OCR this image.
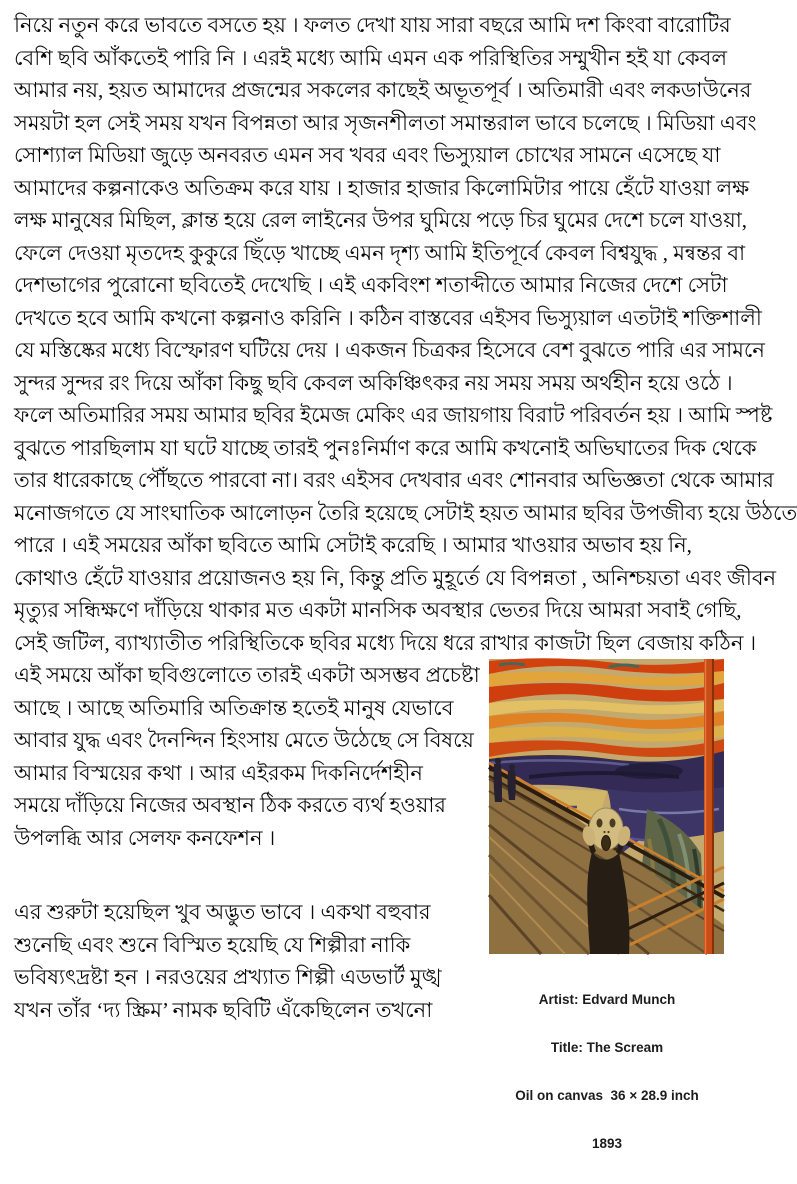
নিয়ে নতুন করে ভাবতে বসতে হয় । ফলত দেখা যায় সারা বছরে আমি দশ কিংবা বারোটির
বেশি ছবি আঁকতেই পারি নি । এরই মধ্যে আমি এমন এক পরিস্থিতির সম্মুখীন হই যা কেবল
আমার নয়, হয়ত আমাদের প্রজন্মের সকলের কাছেই অভূতপূর্ব । অতিমারী এবং লকডাউনের
সময়টা হল সেই সময় যখন বিপন্নতা আর সৃজনশীলতা সমান্তরাল ভাবে চলেছে । মিডিয়া এবং
সোশ্যাল মিডিয়া জুড়ে অনবরত এমন সব খবর এবং ভিস্যুয়াল চোখের সামনে এসেছে যা
আমাদের কল্পনাকেও অতিক্রম করে যায় । হাজার হাজার কিলোমিটার পায়ে হেঁটে যাওয়া লক্ষ
লক্ষ মানুষের মিছিল, ক্লান্ত হয়ে রেল লাইনের উপর ঘুমিয়ে পড়ে চির ঘুমের দেশে চলে যাওয়া,
ফেলে দেওয়া মৃতদেহ কুকুরে ছিঁড়ে খাচ্ছে এমন দৃশ্য আমি ইতিপূর্বে কেবল বিশ্বযুদ্ধ , মন্বন্তর বা
দেশভাগের পুরোনো ছবিতেই দেখেছি । এই একবিংশ শতাব্দীতে আমার নিজের দেশে সেটা
দেখতে হবে আমি কখনো কল্পনাও করিনি । কঠিন বাস্তবের এইসব ভিস্যুয়াল এতটাই শক্তিশালী
যে মস্তিষ্কের মধ্যে বিস্ফোরণ ঘটিয়ে দেয় । একজন চিত্রকর হিসেবে বেশ বুঝতে পারি এর সামনে
সুন্দর সুন্দর রং দিয়ে আঁকা কিছু ছবি কেবল অকিঞ্চিৎকর নয় সময় সময় অর্থহীন হয়ে ওঠে ।
ফলে অতিমারির সময় আমার ছবির ইমেজ মেকিং এর জায়গায় বিরাট পরিবর্তন হয় । আমি স্পষ্ট
বুঝতে পারছিলাম যা ঘটে যাচ্ছে তারই পুনঃনির্মাণ করে আমি কখনোই অভিঘাতের দিক থেকে
তার ধারেকাছে পৌঁছতে পারবো না। বরং এইসব দেখবার এবং শোনবার অভিজ্ঞতা থেকে আমার
মনোজগতে যে সাংঘাতিক আলোড়ন তৈরি হয়েছে সেটাই হয়ত আমার ছবির উপজীব্য হয়ে উঠতে
পারে । এই সময়ের আঁকা ছবিতে আমি সেটাই করেছি । আমার খাওয়ার অভাব হয় নি,
কোথাও হেঁটে যাওয়ার প্রয়োজনও হয় নি, কিন্তু প্রতি মুহূর্তে যে বিপন্নতা , অনিশ্চয়তা এবং জীবন
মৃত্যুর সন্ধিক্ষণে দাঁড়িয়ে থাকার মত একটা মানসিক অবস্থার ভেতর দিয়ে আমরা সবাই গেছি,
সেই জটিল, ব্যাখ্যাতীত পরিস্থিতিকে ছবির মধ্যে দিয়ে ধরে রাখার কাজটা ছিল বেজায় কঠিন ।
এই সময়ে আঁকা ছবিগুলোতে তারই একটা অসম্ভব প্রচেষ্টা
আছে । আছে অতিমারি অতিক্রান্ত হতেই মানুষ যেভাবে
আবার যুদ্ধ এবং দৈনন্দিন হিংসায় মেতে উঠেছে সে বিষয়ে
আমার বিস্ময়ের কথা । আর এইরকম দিকনির্দেশহীন
সময়ে দাঁড়িয়ে নিজের অবস্থান ঠিক করতে ব্যর্থ হওয়ার
উপলব্ধি আর সেলফ কনফেশন ।
এর শুরুটা হয়েছিল খুব অদ্ভুত ভাবে । একথা বহুবার
শুনেছি এবং শুনে বিস্মিত হয়েছি যে শিল্পীরা নাকি
ভবিষ্যৎদ্রষ্টা হন । নরওয়ের প্রখ্যাত শিল্পী এডভার্ট মুঙ্খ
যখন তাঁর ‘দ্য স্ক্রিম’ নামক ছবিটি এঁকেছিলেন তখনো

	Artist: Edvard Munch

Title: The Scream

Oil on canvas  36 × 28.9 inch

1893
